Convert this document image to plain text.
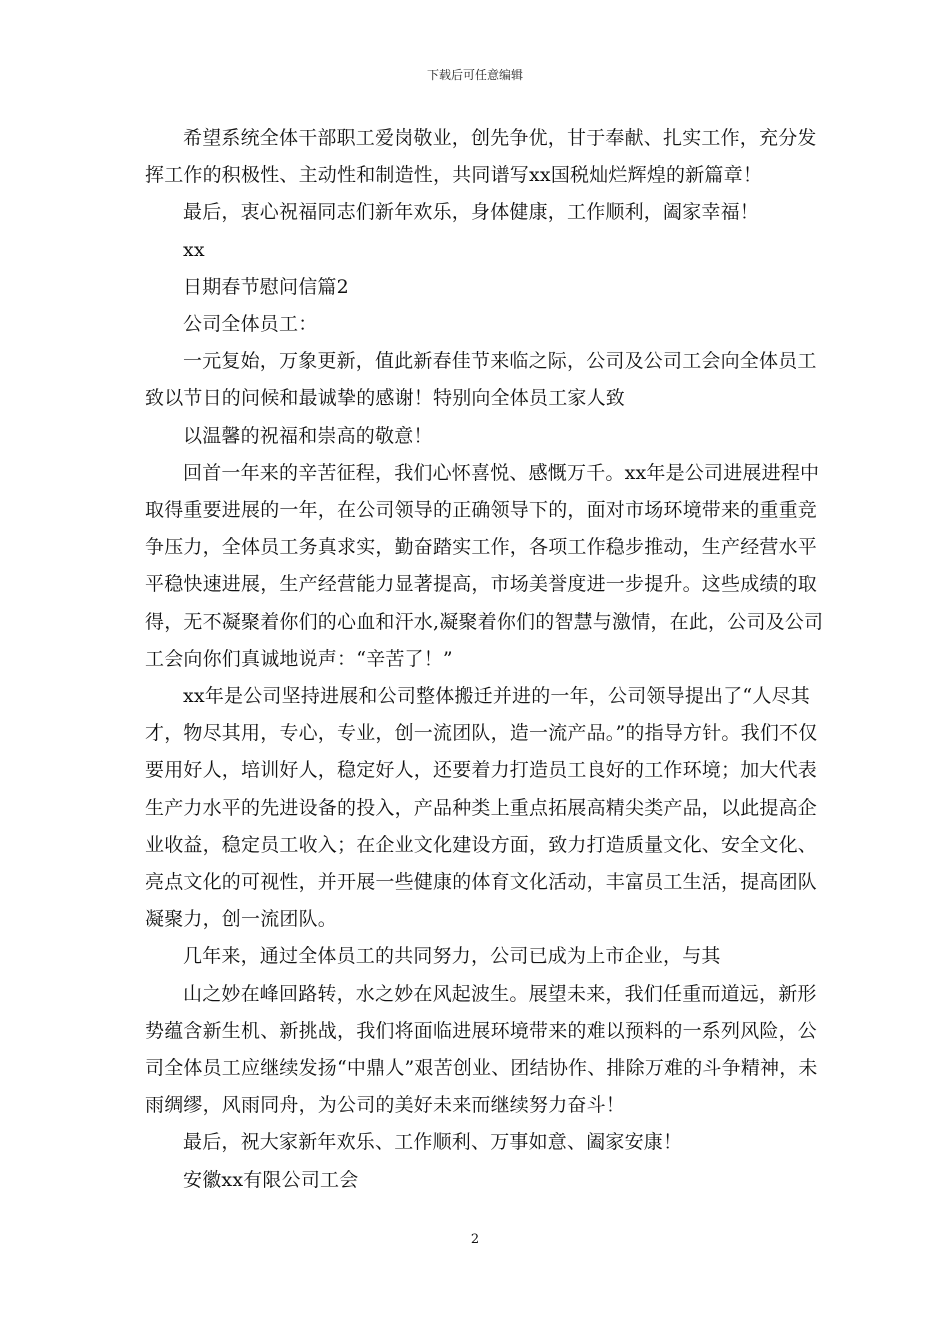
下载后可任意编辑

希望系统全体干部职工爱岗敬业，创先争优，甘于奉献、扎实工作，充分发挥工作的积极性、主动性和制造性，共同谱写xx国税灿烂辉煌的新篇章！

最后，衷心祝福同志们新年欢乐，身体健康，工作顺利，阖家幸福！

xx

日期春节慰问信篇2

公司全体员工：

一元复始，万象更新，值此新春佳节来临之际，公司及公司工会向全体员工致以节日的问候和最诚挚的感谢！特别向全体员工家人致

以温馨的祝福和崇高的敬意！

回首一年来的辛苦征程，我们心怀喜悦、感慨万千。xx年是公司进展进程中取得重要进展的一年，在公司领导的正确领导下的，面对市场环境带来的重重竞争压力，全体员工务真求实，勤奋踏实工作，各项工作稳步推动，生产经营水平平稳快速进展，生产经营能力显著提高，市场美誉度进一步提升。这些成绩的取得，无不凝聚着你们的心血和汗水,凝聚着你们的智慧与激情，在此，公司及公司工会向你们真诚地说声：“辛苦了！”

xx年是公司坚持进展和公司整体搬迁并进的一年，公司领导提出了“人尽其才，物尽其用，专心，专业，创一流团队，造一流产品。”的指导方针。我们不仅要用好人，培训好人，稳定好人，还要着力打造员工良好的工作环境；加大代表生产力水平的先进设备的投入，产品种类上重点拓展高精尖类产品，以此提高企业收益，稳定员工收入；在企业文化建设方面，致力打造质量文化、安全文化、亮点文化的可视性，并开展一些健康的体育文化活动，丰富员工生活，提高团队凝聚力，创一流团队。

几年来，通过全体员工的共同努力，公司已成为上市企业，与其

山之妙在峰回路转，水之妙在风起波生。展望未来，我们任重而道远，新形势蕴含新生机、新挑战，我们将面临进展环境带来的难以预料的一系列风险，公司全体员工应继续发扬“中鼎人”艰苦创业、团结协作、排除万难的斗争精神，未雨绸缪，风雨同舟，为公司的美好未来而继续努力奋斗！

最后，祝大家新年欢乐、工作顺利、万事如意、阖家安康！

安徽xx有限公司工会

2
